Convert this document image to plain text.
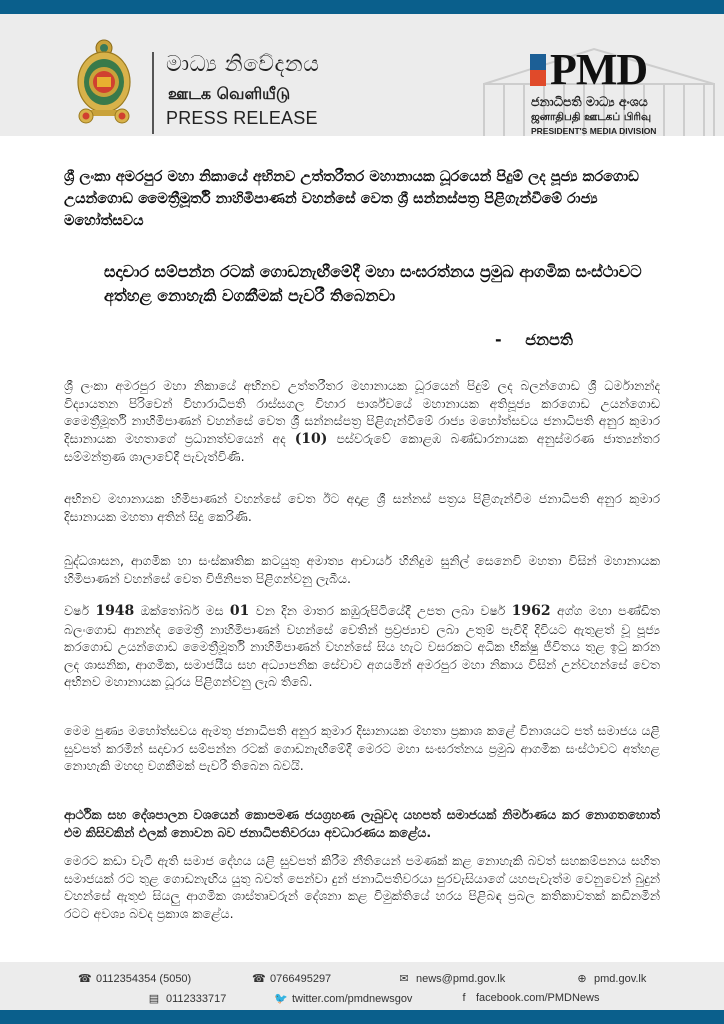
මාධ්‍ය නිවේදනය
ஊடக வெளியீடு
PRESS RELEASE
PMD
ජනාධිපති මාධ්‍ය අංශය
ஜனாதிபதி ஊடகப் பிரிவு
PRESIDENT'S MEDIA DIVISION
ශ්‍රී ලංකා අමරපුර මහා නිකායේ අභිනව උත්තරීතර මහානායක ධූරයෙන් පිදුම් ලද පූජ්‍ය කරගොඩ උයන්ගොඩ මෛත්‍රීමූර්ති නාහිමිපාණන් වහන්සේ වෙත ශ්‍රී සන්නස්පත්‍ර පිළිගැන්වීමේ රාජ්‍ය මහෝත්සවය
සදාචාර සම්පන්න රටක් ගොඩනැඟීමේදී මහා සංඝරත්නය ප්‍රමුඛ ආගමික සංස්ථාවට අත්හළ නොහැකි වගකීමක් පැවරී තිබෙනවා
- ජනපති
ශ්‍රී ලංකා අමරපුර මහා නිකායේ අභිනව උත්තරීතර මහානායක ධූරයෙන් පිදුම් ලද බලන්ගොඩ ශ්‍රී ධර්මානන්ද විද්‍යායතන පිරිවෙන් විහාරාධිපති රාස්සගල විහාර පාර්ශ්වයේ මහානායක අතිපූජ්‍ය කරගොඩ උයන්ගොඩ මෛත්‍රීමූර්ති නාහිමිපාණන් වහන්සේ වෙත ශ්‍රී සන්නස්පත්‍ර පිළිගැන්වීමේ රාජ්‍ය මහෝත්සවය ජනාධිපති අනුර කුමාර දිසානායක මහතාගේ ප්‍රධානත්වයෙන් අද (10) පස්වරුවේ කොළඹ බණ්ඩාරනායක අනුස්මරණ ජාත්‍යන්තර සම්මන්ත්‍රණ ශාලාවේදී පැවැත්විණි.
අභිනව මහානායක හිමිපාණන් වහන්සේ වෙත ඊට අදාළ ශ්‍රී සන්නස් පත්‍රය පිළිගැන්වීම ජනාධිපති අනුර කුමාර දිසානායක මහතා අතින් සිදු කෙරිණි.
බුද්ධශාසන, ආගමික හා සංස්කෘතික කටයුතු අමාත්‍ය ආචාර්ය හිනිදුම සුනිල් සෙනෙවි මහතා විසින් මහානායක හිමිපාණන් වහන්සේ වෙත විජිනිපත පිළිගන්වනු ලැබීය.
වර්ෂ 1948 ඔක්තෝබර් මස 01 වන දින මාතර කඹුරුපිටියේදී උපත ලබා වර්ෂ 1962 අග්ග මහා පණ්ඩිත බලංගොඩ ආනන්ද මෛත්‍රී නාහිමිපාණන් වහන්සේ වෙතින් ප්‍රව්‍රජ්‍යාව ලබා උතුම් පැවිදි දිවියට ඇතුළත් වූ පූජ්‍ය කරගොඩ උයන්ගොඩ මෛත්‍රීමූර්ති නාහිමිපාණන් වහන්සේ සිය හැට වසරකට අධික භික්ෂු ජීවිතය තුළ ඉටු කරන ලද ශාසනික, ආගමික, සමාජයීය සහ අධ්‍යාපනික සේවාව අගයමින් අමරපුර මහා නිකාය විසින් උන්වහන්සේ වෙත අභිනව මහානායක ධූරය පිළිගන්වනු ලැබ තිබේ.
මෙම පුණ්‍ය මහෝත්සවය ඇමතූ ජනාධිපති අනුර කුමාර දිසානායක මහතා ප්‍රකාශ කළේ විනාශයට පත් සමාජය යළි සුවපත් කරමින් සදාචාර සම්පන්න රටක් ගොඩනැඟීමේදී මෙරට මහා සංඝරත්නය ප්‍රමුඛ ආගමික සංස්ථාවට අත්හළ නොහැකි මහඟු වගකීමක් පැවරී තිබෙන බවයි.
ආර්ථික සහ දේශපාලන වශයෙන් කොපමණ ජයග්‍රහණ ලැබුවද යහපත් සමාජයක් නිර්මාණය කර නොගතහොත් එම කිසිවකින් ඵලක් නොවන බව ජනාධිපතිවරයා අවධාරණය කළේය.
මෙරට කඩා වැටී ඇති සමාජ දේහය යළි සුවපත් කිරීම නීතියෙන් පමණක් කළ නොහැකි බවත් සහකම්පනය සහිත සමාජයක් රට තුළ ගොඩනැඟිය යුතු බවත් පෙන්වා දුන් ජනාධිපතිවරයා පුරවැසියාගේ යහපැවැත්ම වෙනුවෙන් බුදුන් වහන්සේ ඇතුළු සියලු ආගමික ශාස්තෘවරුන් දේශනා කළ විමුක්තියේ හරය පිළිබඳ ප්‍රබල කතිකාවතක් කඩිනමින් රටට අවශ්‍ය බවද ප්‍රකාශ කළේය.
☎ 0112354354 (5050)	☎ 0766495297	✉ news@pmd.gov.lk	⊕ pmd.gov.lk
▤ 0112333717	🐦 twitter.com/pmdnewsgov	f facebook.com/PMDNews
